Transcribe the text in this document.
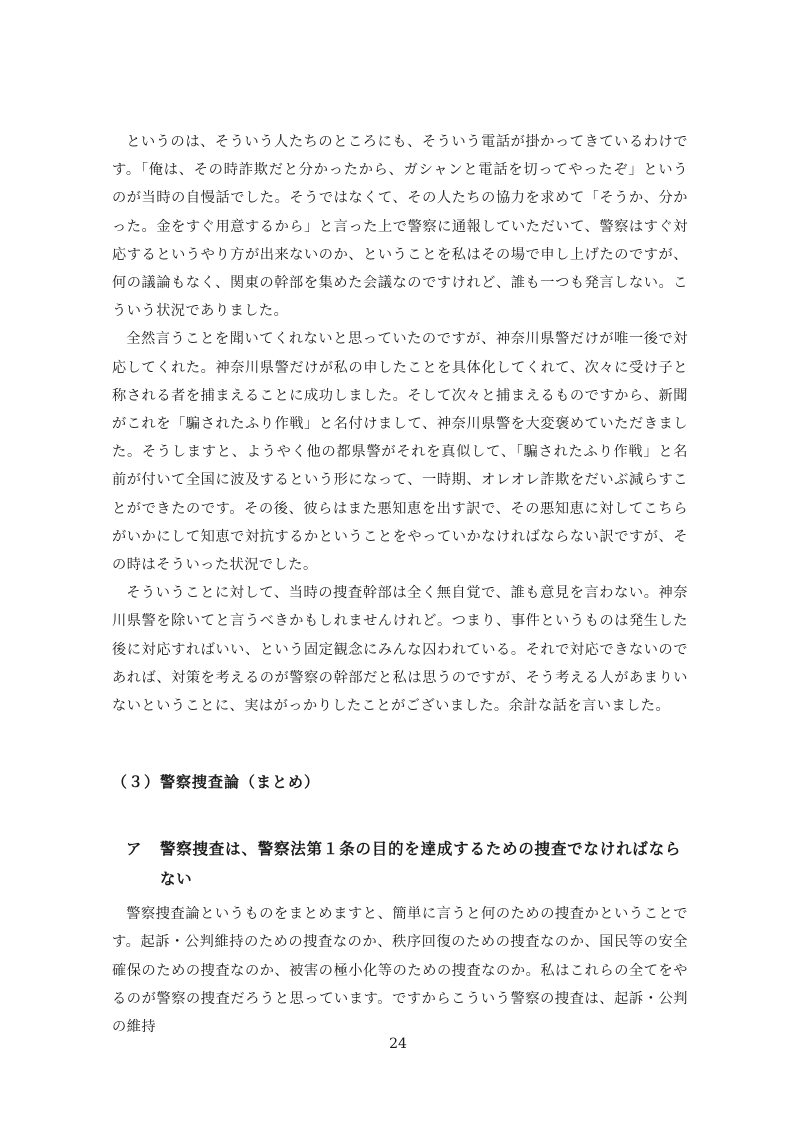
というのは、そういう人たちのところにも、そういう電話が掛かってきているわけです。「俺は、その時詐欺だと分かったから、ガシャンと電話を切ってやったぞ」というのが当時の自慢話でした。そうではなくて、その人たちの協力を求めて「そうか、分かった。金をすぐ用意するから」と言った上で警察に通報していただいて、警察はすぐ対応するというやり方が出来ないのか、ということを私はその場で申し上げたのですが、何の議論もなく、関東の幹部を集めた会議なのですけれど、誰も一つも発言しない。こういう状況でありました。

全然言うことを聞いてくれないと思っていたのですが、神奈川県警だけが唯一後で対応してくれた。神奈川県警だけが私の申したことを具体化してくれて、次々に受け子と称される者を捕まえることに成功しました。そして次々と捕まえるものですから、新聞がこれを「騙されたふり作戦」と名付けまして、神奈川県警を大変褒めていただきました。そうしますと、ようやく他の都県警がそれを真似して、「騙されたふり作戦」と名前が付いて全国に波及するという形になって、一時期、オレオレ詐欺をだいぶ減らすことができたのです。その後、彼らはまた悪知恵を出す訳で、その悪知恵に対してこちらがいかにして知恵で対抗するかということをやっていかなければならない訳ですが、その時はそういった状況でした。

そういうことに対して、当時の捜査幹部は全く無自覚で、誰も意見を言わない。神奈川県警を除いてと言うべきかもしれませんけれど。つまり、事件というものは発生した後に対応すればいい、という固定観念にみんな囚われている。それで対応できないのであれば、対策を考えるのが警察の幹部だと私は思うのですが、そう考える人があまりいないということに、実はがっかりしたことがございました。余計な話を言いました。

（３）警察捜査論（まとめ）
ア	警察捜査は、警察法第１条の目的を達成するための捜査でなければならない

警察捜査論というものをまとめますと、簡単に言うと何のための捜査かということです。起訴・公判維持のための捜査なのか、秩序回復のための捜査なのか、国民等の安全確保のための捜査なのか、被害の極小化等のための捜査なのか。私はこれらの全てをやるのが警察の捜査だろうと思っています。ですからこういう警察の捜査は、起訴・公判の維持

24
